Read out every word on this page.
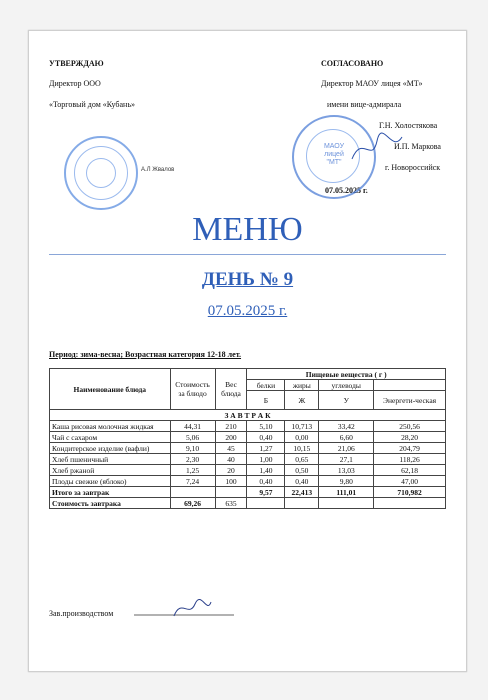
УТВЕРЖДАЮ
Директор ООО
«Торговый дом «Кубань»
А.Л Жвалов
СОГЛАСОВАНО
Директор МАОУ лицея «МТ»
имени вице-адмирала
Г.Н. Холостякова
И.П. Маркова
г. Новороссийск
07.05.2025 г.
МАОУ
лицей
"МТ"
МЕНЮ
ДЕНЬ № 9
07.05.2025 г.
Период: зима-весна; Возрастная категория 12-18 лет.
Наименование блюда	Стоимость за блюдо	Вес блюда	Пищевые вещества ( г )			
			белки	жиры	углеводы	
			Б	Ж	У	Энергети-ческая
З А В Т Р А К						
Каша рисовая молочная жидкая	44,31	210	5,10	10,713	33,42	250,56
Чай с сахаром	5,06	200	0,40	0,00	6,60	28,20
Кондитерское изделие (вафли)	9,10	45	1,27	10,15	21,06	204,79
Хлеб пшеничный	2,30	40	1,00	0,65	27,1	118,26
Хлеб ржаной	1,25	20	1,40	0,50	13,03	62,18
Плоды свежие (яблоко)	7,24	100	0,40	0,40	9,80	47,00
Итого за завтрак			9,57	22,413	111,01	710,982
Стоимость завтрака	69,26	635				
Зав.производством
